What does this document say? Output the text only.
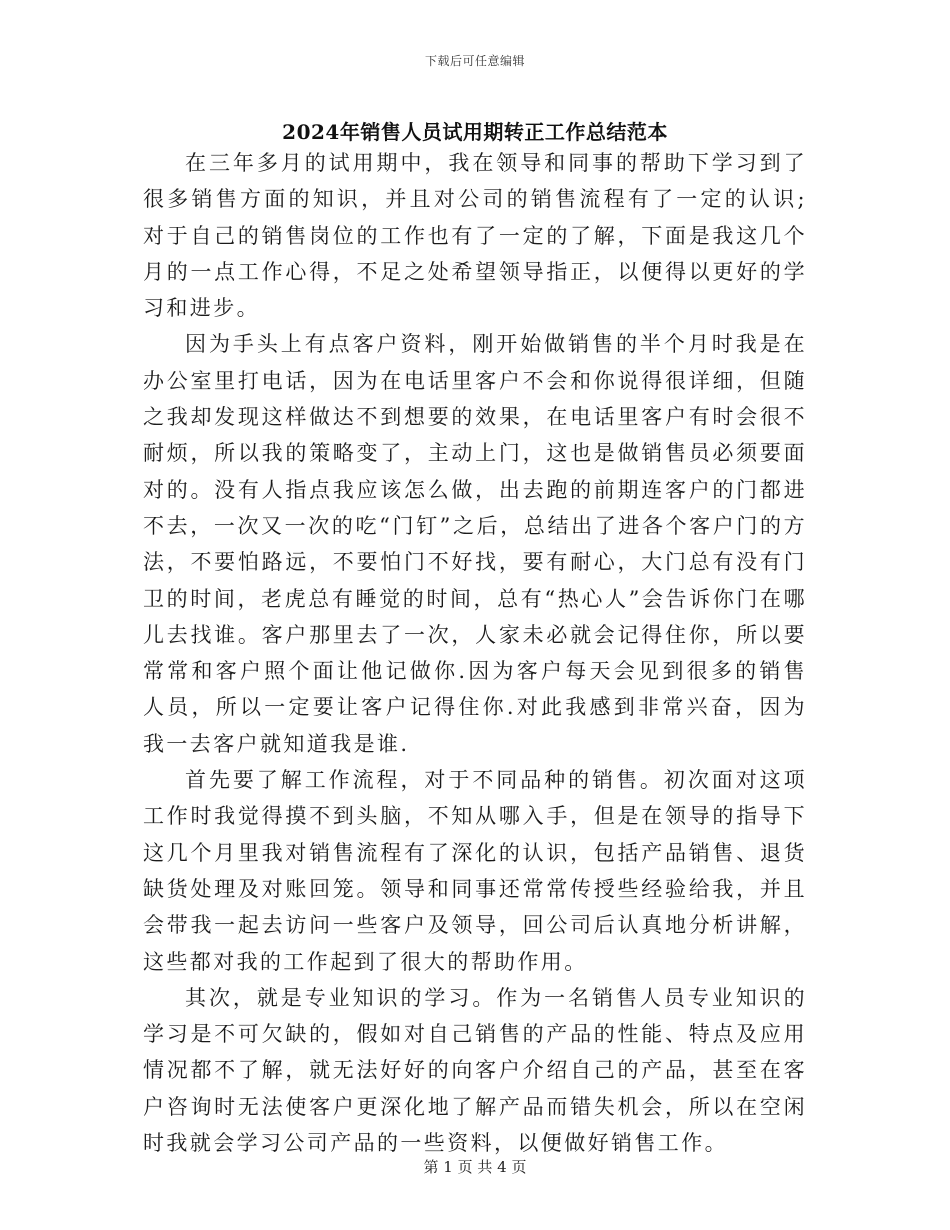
下载后可任意编辑
2024年销售人员试用期转正工作总结范本

在三年多月的试用期中，我在领导和同事的帮助下学习到了很多销售方面的知识，并且对公司的销售流程有了一定的认识;对于自己的销售岗位的工作也有了一定的了解，下面是我这几个月的一点工作心得，不足之处希望领导指正，以便得以更好的学习和进步。

因为手头上有点客户资料，刚开始做销售的半个月时我是在办公室里打电话，因为在电话里客户不会和你说得很详细，但随之我却发现这样做达不到想要的效果，在电话里客户有时会很不耐烦，所以我的策略变了，主动上门，这也是做销售员必须要面对的。没有人指点我应该怎么做，出去跑的前期连客户的门都进不去，一次又一次的吃“门钉”之后，总结出了进各个客户门的方法，不要怕路远，不要怕门不好找，要有耐心，大门总有没有门卫的时间，老虎总有睡觉的时间，总有“热心人”会告诉你门在哪儿去找谁。客户那里去了一次，人家未必就会记得住你，所以要常常和客户照个面让他记做你.因为客户每天会见到很多的销售人员，所以一定要让客户记得住你.对此我感到非常兴奋，因为我一去客户就知道我是谁.

首先要了解工作流程，对于不同品种的销售。初次面对这项工作时我觉得摸不到头脑，不知从哪入手，但是在领导的指导下这几个月里我对销售流程有了深化的认识，包括产品销售、退货缺货处理及对账回笼。领导和同事还常常传授些经验给我，并且会带我一起去访问一些客户及领导，回公司后认真地分析讲解，这些都对我的工作起到了很大的帮助作用。

其次，就是专业知识的学习。作为一名销售人员专业知识的学习是不可欠缺的，假如对自己销售的产品的性能、特点及应用情况都不了解，就无法好好的向客户介绍自己的产品，甚至在客户咨询时无法使客户更深化地了解产品而错失机会，所以在空闲时我就会学习公司产品的一些资料，以便做好销售工作。

第 1 页 共 4 页
